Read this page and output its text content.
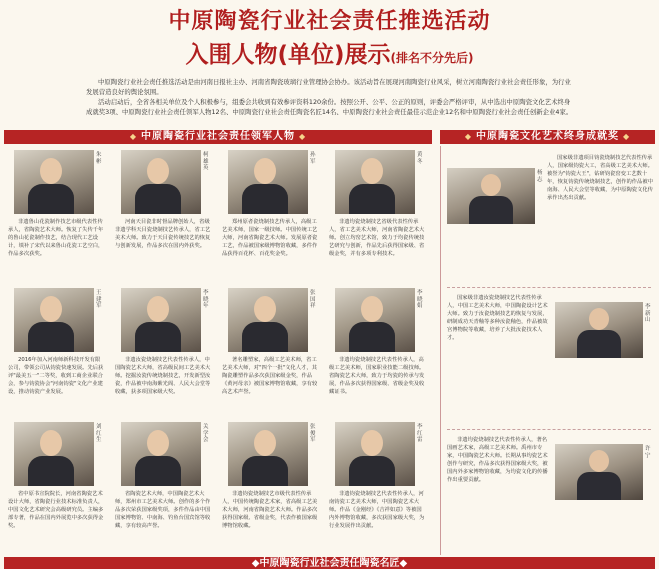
中原陶瓷行业社会责任推选活动
入围人物(单位)展示(排名不分先后)

中原陶瓷行业社会责任推选活动是由河南日报社主办、河南省陶瓷玻璃行业管理协会协办。该活动旨在展现河南陶瓷行业风采，树立河南陶瓷行业社会责任形象，为行业发展营造良好的舆论氛围。

活动启动后，全省各相关单位及个人积极参与，组委会共收到有效参评资料120余份。按照公开、公平、公正的原则，评委会严格评审，从中选出中原陶瓷文化艺术终身成就奖3项、中原陶瓷行业社会责任领军人物12名、中原陶瓷行业社会责任陶瓷名匠14名、中原陶瓷行业社会责任最佳示范企业12名和中原陶瓷行业社会责任创新企业4家。

◆ 中原陶瓷行业社会责任领军人物 ◆	◆ 中原陶瓷文化艺术终身成就奖 ◆
朱彬
非遗鲁山花瓷制作技艺市级代表性传承人，省陶瓷艺术大师。恢复了失传千年的鲁山花瓷制作技艺，结合现代工艺设计，填补了宋代以来鲁山花瓷工艺空白，作品多次获奖。
柯雄英
河南天目瓷非时督品牌创始人，省级非遗学科天目瓷烧制技艺传承人，省工艺美术大师。致力于天目瓷传统技艺的恢复与创新发展，作品多次在国内外获奖。
孙军
郑州原者瓷烧制技艺传承人，高级工艺美术师，国家一级技师。中国传统工艺大师，河南省陶瓷艺术大师。发展原者瓷工艺，作品被国家级博物馆收藏，多件作品获得百花杯、百花奖金奖。
黄冬
非遗均瓷烧制技艺省级代表性传承人，省工艺美术大师，河南省陶瓷艺术大师。创立均窑艺术馆，致力于均瓷传统技艺研究与创新，作品先后获得国家级、省级金奖，并有多项专利技术。
王建军
2016年加入河南师新科技开发有限公司，带领公司从钧瓷快速发展。先后获评"最美五一"二等奖，收到工商企业联合会，参与钧瓷协会"河南钧瓷"文化产业建设，推动钧瓷产业发展。
李晓年
非遗汝瓷烧制技艺代表性传承人，中国陶瓷艺术大师，省高级民间工艺美术大师。挖掘汝瓷传统烧制技艺，开发新型汝瓷，作品被中南海紫光阁、人民大会堂等收藏，获多项国家级大奖。
张国祥
著名雕塑家，高级工艺美术师，省工艺美术大师，对"四个一批"文化人才，其陶瓷雕塑作品多次获国家级金奖，作品《黄河母亲》被国家博物馆收藏，享有较高艺术声誉。
李晓娟
非遗均瓷烧制技艺代表性传承人，高级工艺美术师，国家职业技能二级技师。省陶瓷艺术大师，致力于均瓷的传承与发展，作品多次获得国家级、省级金奖及收藏证书。
刘红生
省中原书宣院院长，河南省陶瓷艺术设计大师，省陶瓷行业技术标准负责人，中国文化艺术研究会高级研究员。主编多部专著，作品在国内外展览中多次获得金奖。
关学会
省陶瓷艺术大师，中国陶瓷艺术大师，郑州市工艺美术大师。创作的多个作品多次荣获国家级奖项，多件作品由中国国家博物馆、中南海、钓鱼台国宾馆等收藏，享有较高声誉。
张俊军
非遗钧瓷烧制技艺市级代表性传承人，中国传统陶瓷艺术家，省高级工艺美术大师，河南省陶瓷艺术大师。作品多次获得国家级、省级金奖，代表作被国家级博物馆收藏。
李红雷
非遗钧瓷烧制技艺代表性传承人，河南钧瓷工艺美术大师，中国陶瓷艺术大师。作品《金刚经》《吉祥如意》等被国内外博物馆收藏，多次获国家级大奖，为行业发展作出贡献。
杨志
国家级非遗项目钧瓷烧制技艺代表性传承人，国家级钧瓷大工，省高级工艺美术大师。被誉为"钧瓷大王"，钻研钧瓷窑变工艺数十年，恢复钧瓷传统烧制技艺，创作的作品被中南海、人民大会堂等收藏，为中原陶瓷文化传承作出杰出贡献。
国家级非遗汝瓷烧制技艺代表性传承人，中国工艺美术大师，中国陶瓷设计艺术大师。致力于汝瓷烧制技艺的恢复与发展，研制成功天青釉等多种汝瓷釉色，作品被故宫博物院等收藏，培养了大批汝瓷技术人才。
李新山
非遗均瓷烧制技艺代表性传承人，著名国画艺术家，高级工艺美术师。禹州市专家，中国陶瓷艺术大师。长期从事均瓷艺术创作与研究，作品多次获得国家级大奖，被国内外多家博物馆收藏，为均瓷文化的传播作出重要贡献。
许宁
◆中原陶瓷行业社会责任陶瓷名匠◆
